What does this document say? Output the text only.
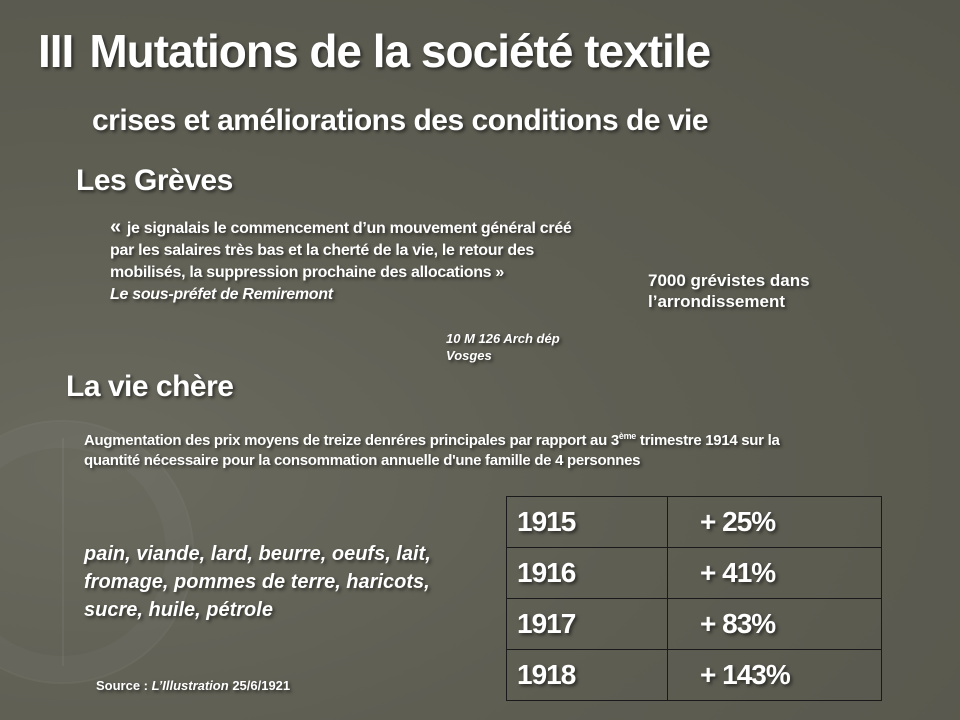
III Mutations de la société textile
crises et améliorations des conditions de vie
Les Grèves
« je signalais le commencement d’un mouvement général créé par les salaires très bas et la cherté de la vie, le retour des mobilisés, la suppression prochaine des allocations »
Le sous-préfet de Remiremont
7000 grévistes dans l’arrondissement
10 M 126 Arch dép Vosges
La vie chère
Augmentation des prix moyens de treize denréres principales par rapport au 3ème trimestre 1914 sur la quantité nécessaire pour la consommation annuelle d'une famille de 4 personnes
pain, viande, lard, beurre, oeufs, lait, fromage, pommes de terre, haricots, sucre, huile, pétrole
1915	+ 25%
1916	+ 41%
1917	+ 83%
1918	+ 143%
Source : L’Illustration 25/6/1921
